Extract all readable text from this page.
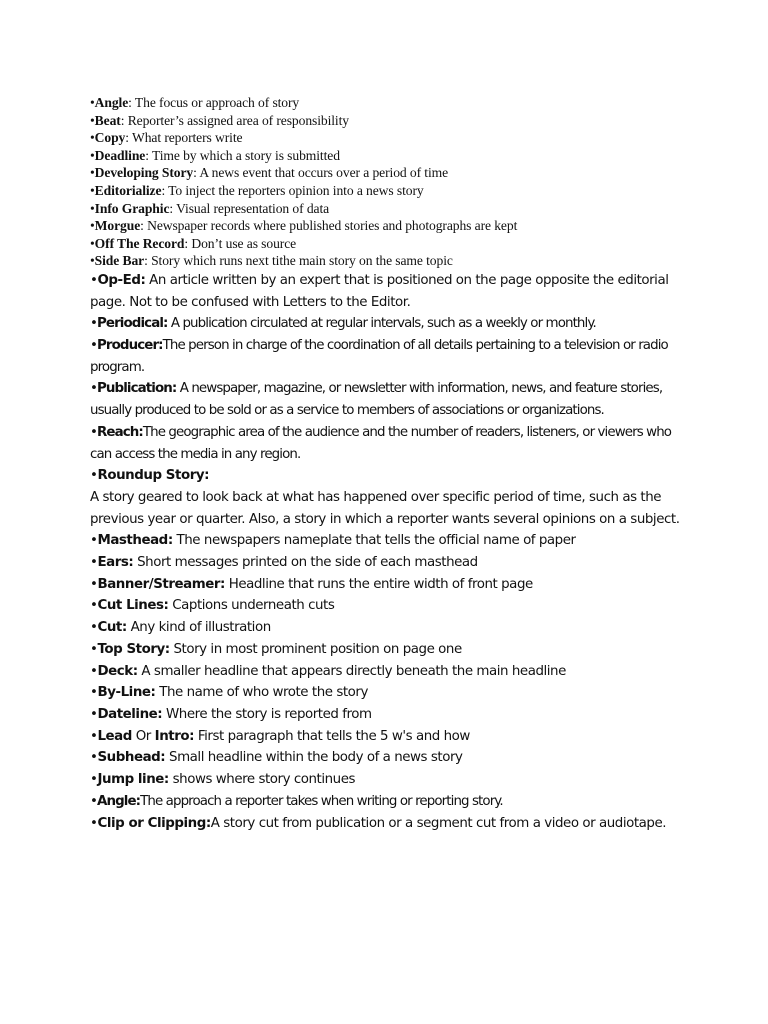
•Angle: The focus or approach of story

•Beat: Reporter’s assigned area of responsibility

•Copy: What reporters write

•Deadline: Time by which a story is submitted

•Developing Story: A news event that occurs over a period of time

•Editorialize: To inject the reporters opinion into a news story

•Info Graphic: Visual representation of data

•Morgue: Newspaper records where published stories and photographs are kept

•Off The Record: Don’t use as source

•Side Bar: Story which runs next tithe main story on the same topic

•Op-Ed: An article written by an expert that is positioned on the page opposite the editorial page. Not to be confused with Letters to the Editor.

•Periodical: A publication circulated at regular intervals, such as a weekly or monthly.

•Producer:The person in charge of the coordination of all details pertaining to a television or radio program.

•Publication: A newspaper, magazine, or newsletter with information, news, and feature stories, usually produced to be sold or as a service to members of associations or organizations.

•Reach:The geographic area of the audience and the number of readers, listeners, or viewers who can access the media in any region.

•Roundup Story:

A story geared to look back at what has happened over specific period of time, such as the previous year or quarter. Also, a story in which a reporter wants several opinions on a subject.

•Masthead: The newspapers nameplate that tells the official name of paper

•Ears: Short messages printed on the side of each masthead

•Banner/Streamer: Headline that runs the entire width of front page

•Cut Lines: Captions underneath cuts

•Cut: Any kind of illustration

•Top Story: Story in most prominent position on page one

•Deck: A smaller headline that appears directly beneath the main headline

•By-Line: The name of who wrote the story

•Dateline: Where the story is reported from

•Lead Or Intro: First paragraph that tells the 5 w's and how

•Subhead: Small headline within the body of a news story

•Jump line: shows where story continues

•Angle:The approach a reporter takes when writing or reporting story.

•Clip or Clipping:A story cut from publication or a segment cut from a video or audiotape.
